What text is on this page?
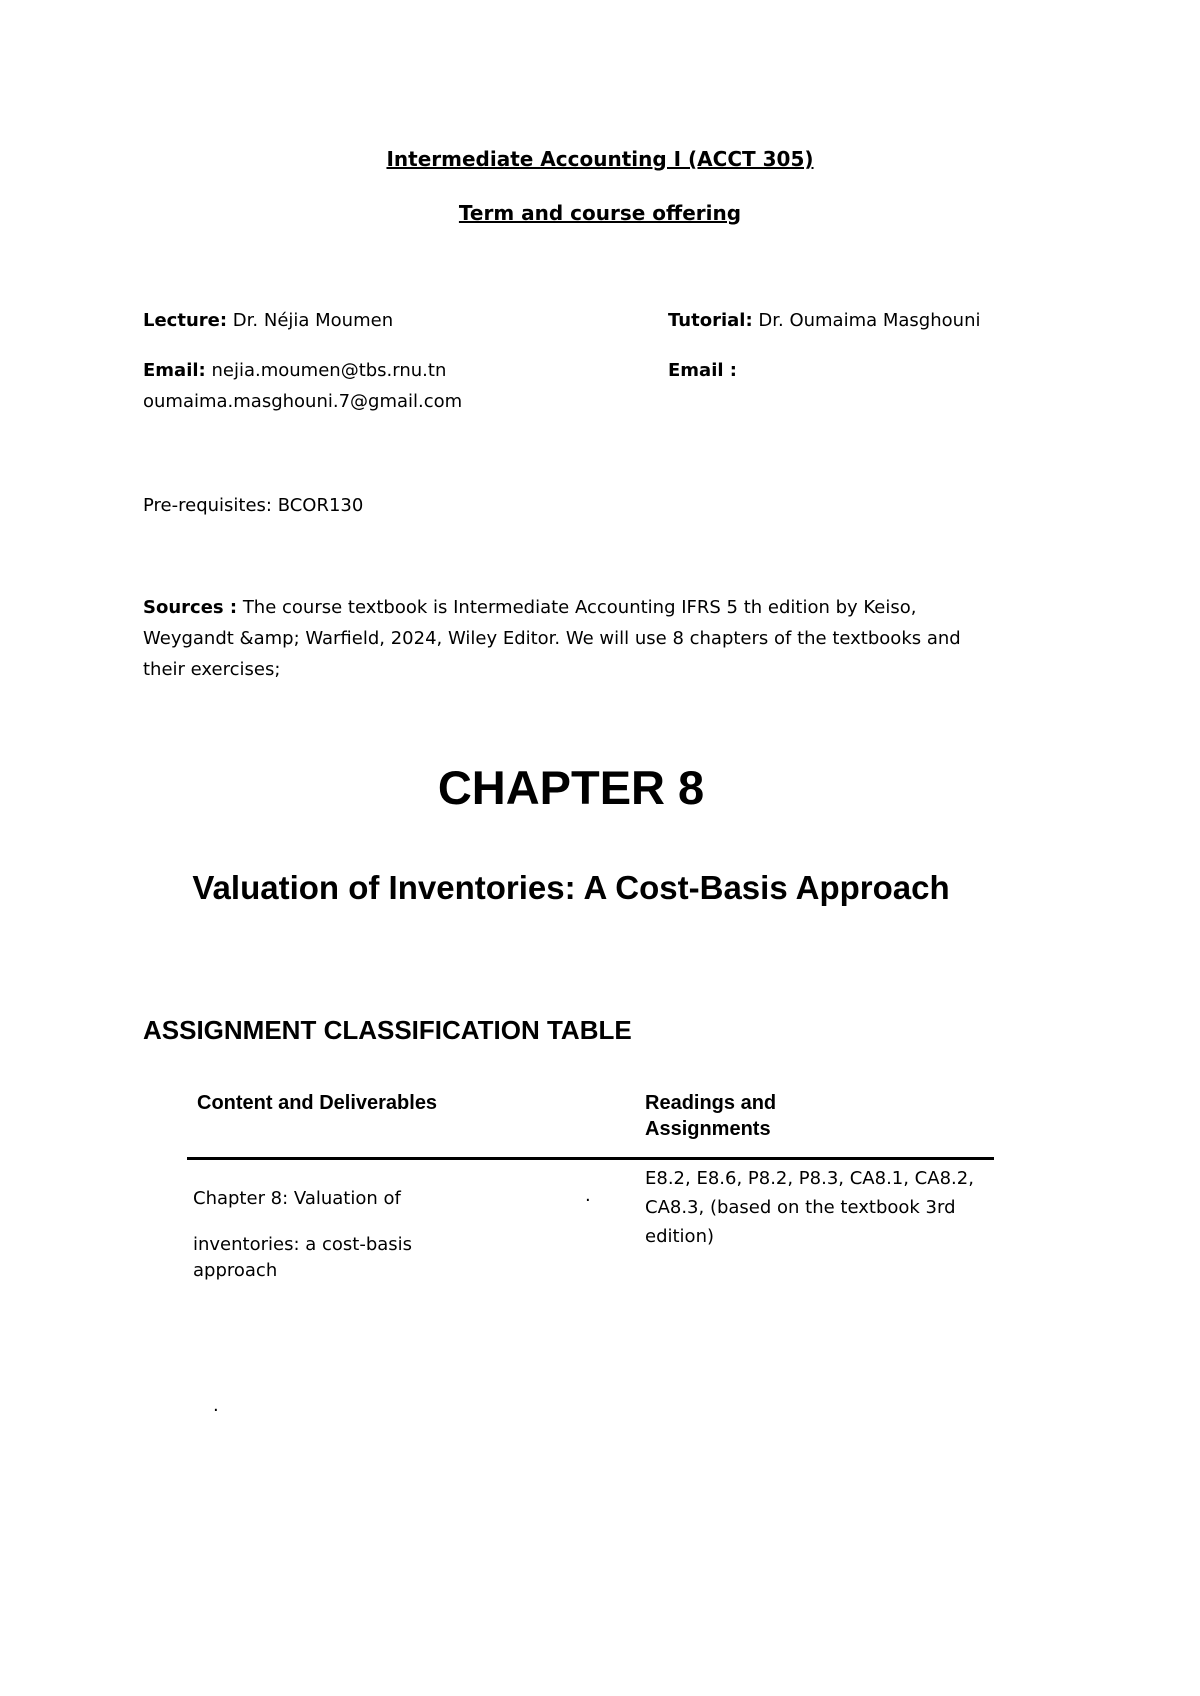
Intermediate Accounting I (ACCT 305)
Term and course offering
Lecture: Dr. Néjia Moumen
Email: nejia.moumen@tbs.rnu.tn
oumaima.masghouni.7@gmail.com
Tutorial: Dr. Oumaima Masghouni
Email :
Pre-requisites: BCOR130
Sources : The course textbook is Intermediate Accounting IFRS 5 th edition by Keiso,
Weygandt &amp; Warfield, 2024, Wiley Editor. We will use 8 chapters of the textbooks and
their exercises;
CHAPTER 8
Valuation of Inventories: A Cost-Basis Approach
ASSIGNMENT CLASSIFICATION TABLE
Content and Deliverables	Readings and
Assignments
Chapter 8: Valuation of
inventories: a cost-basis
approach
·
E8.2, E8.6, P8.2, P8.3, CA8.1, CA8.2,
CA8.3, (based on the textbook 3rd
edition)
·
